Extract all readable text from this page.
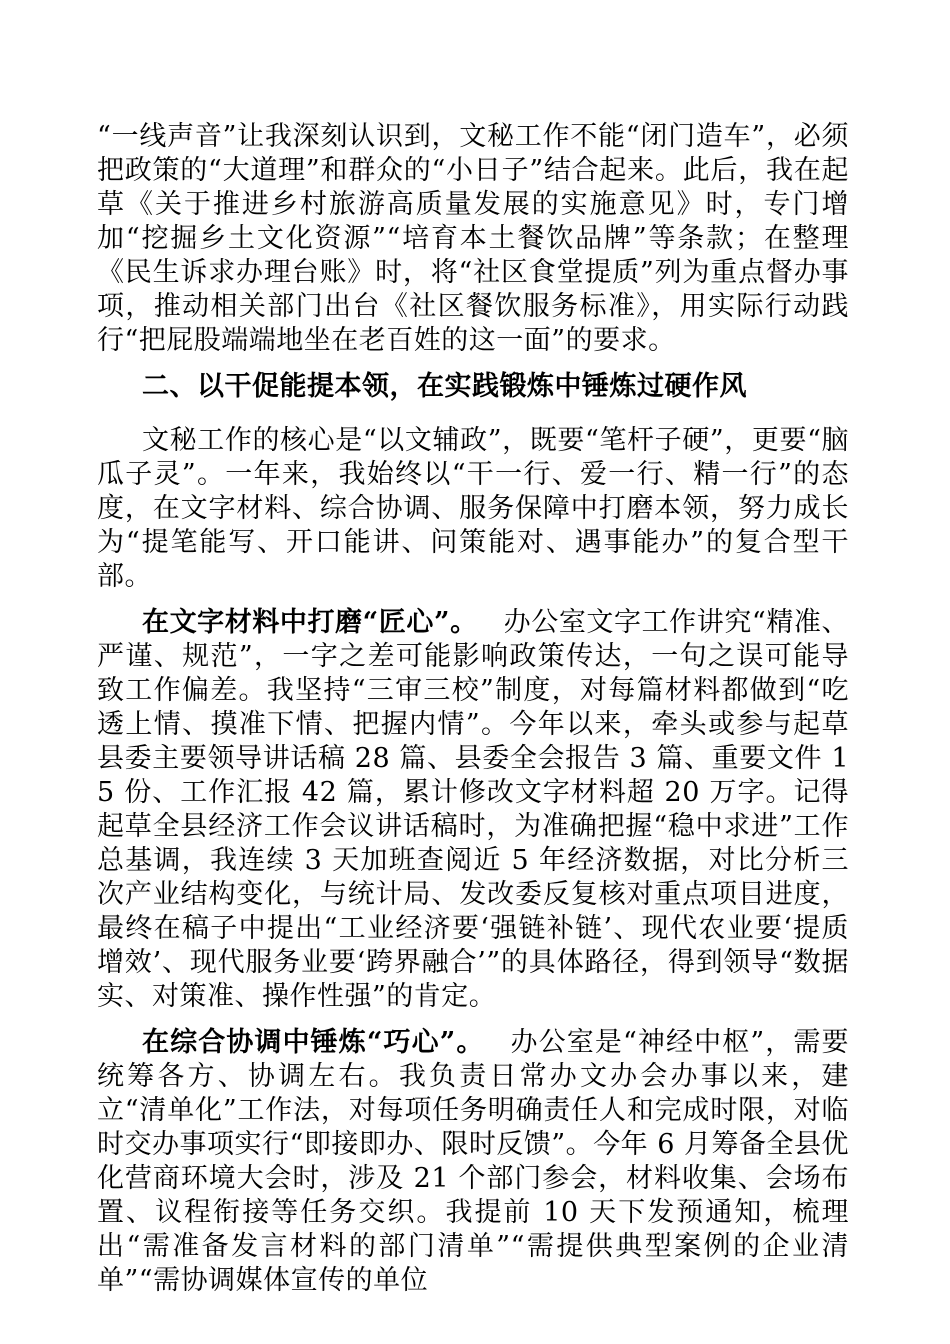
“一线声音”让我深刻认识到，文秘工作不能“闭门造车”，必须把政策的“大道理”和群众的“小日子”结合起来。此后，我在起草《关于推进乡村旅游高质量发展的实施意见》时，专门增加“挖掘乡土文化资源”“培育本土餐饮品牌”等条款；在整理《民生诉求办理台账》时，将“社区食堂提质”列为重点督办事项，推动相关部门出台《社区餐饮服务标准》，用实际行动践行“把屁股端端地坐在老百姓的这一面”的要求。

二、以干促能提本领，在实践锻炼中锤炼过硬作风

文秘工作的核心是“以文辅政”，既要“笔杆子硬”，更要“脑瓜子灵”。一年来，我始终以“干一行、爱一行、精一行”的态度，在文字材料、综合协调、服务保障中打磨本领，努力成长为“提笔能写、开口能讲、问策能对、遇事能办”的复合型干部。

在文字材料中打磨“匠心”。 办公室文字工作讲究“精准、严谨、规范”，一字之差可能影响政策传达，一句之误可能导致工作偏差。我坚持“三审三校”制度，对每篇材料都做到“吃透上情、摸准下情、把握内情”。今年以来，牵头或参与起草县委主要领导讲话稿 28 篇、县委全会报告 3 篇、重要文件 15 份、工作汇报 42 篇，累计修改文字材料超 20 万字。记得起草全县经济工作会议讲话稿时，为准确把握“稳中求进”工作总基调，我连续 3 天加班查阅近 5 年经济数据，对比分析三次产业结构变化，与统计局、发改委反复核对重点项目进度，最终在稿子中提出“工业经济要‘强链补链’、现代农业要‘提质增效’、现代服务业要‘跨界融合’”的具体路径，得到领导“数据实、对策准、操作性强”的肯定。

在综合协调中锤炼“巧心”。 办公室是“神经中枢”，需要统筹各方、协调左右。我负责日常办文办会办事以来，建立“清单化”工作法，对每项任务明确责任人和完成时限，对临时交办事项实行“即接即办、限时反馈”。今年 6 月筹备全县优化营商环境大会时，涉及 21 个部门参会，材料收集、会场布置、议程衔接等任务交织。我提前 10 天下发预通知，梳理出“需准备发言材料的部门清单”“需提供典型案例的企业清单”“需协调媒体宣传的单位
